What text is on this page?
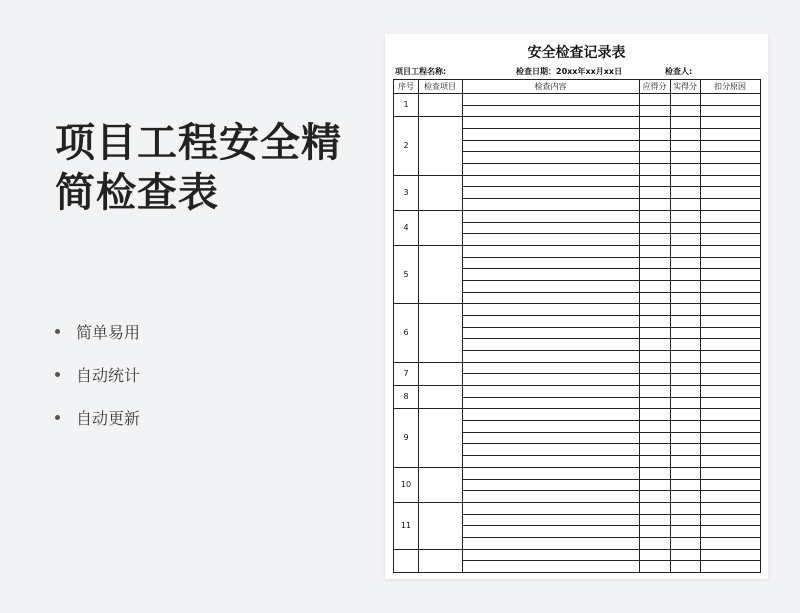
项目工程安全精
简检查表
简单易用
自动统计
自动更新
安全检查记录表
项目工程名称:	检查日期：20xx年xx月xx日	检查人:
序号	检查项目	检查内容	应得分 实得分	扣分原因
1
2
3
4
5
6
7
8
9
10
11
